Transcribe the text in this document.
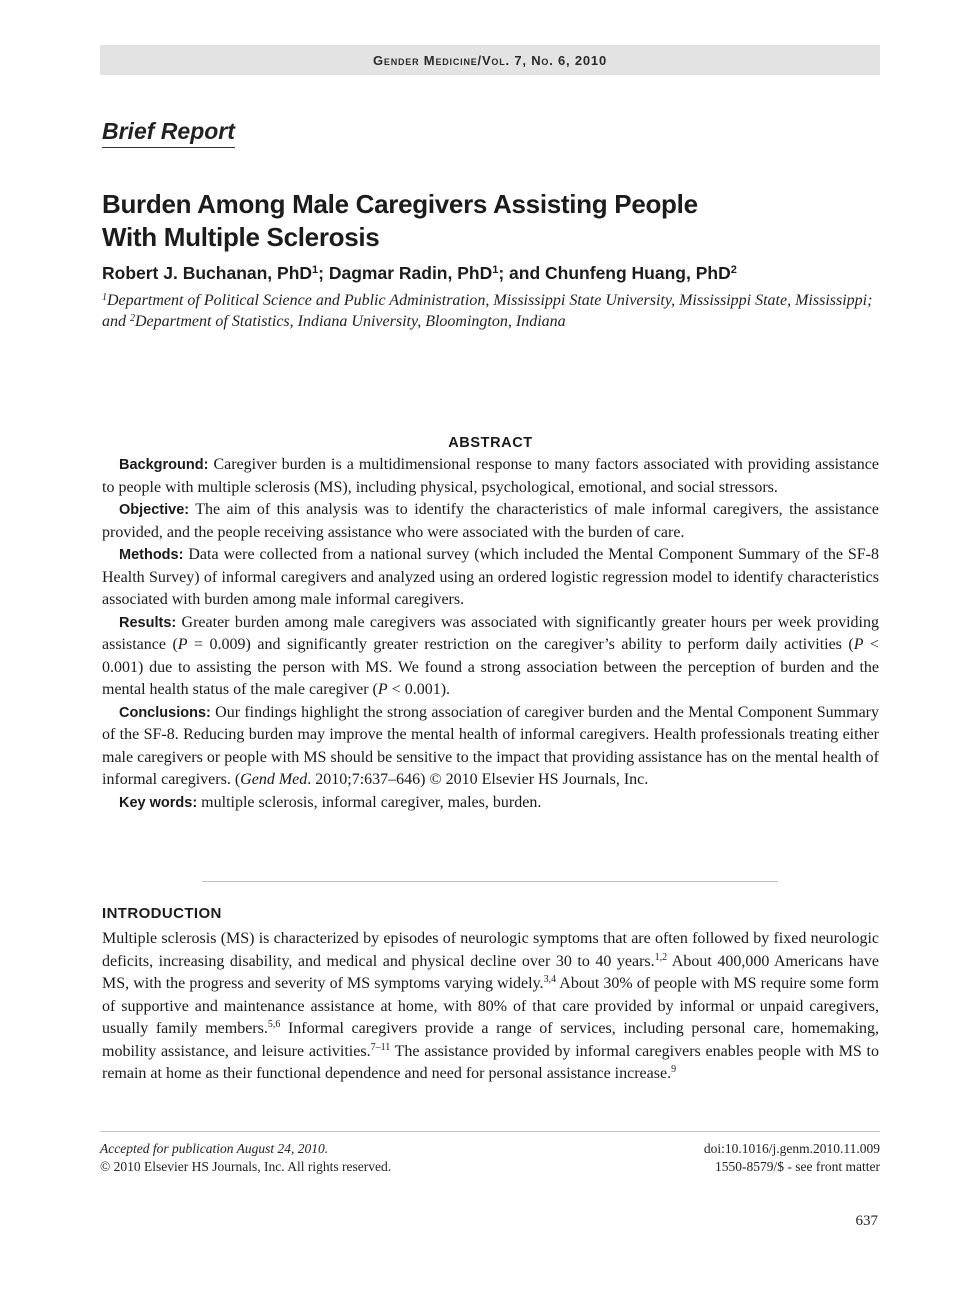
Gender Medicine/Vol. 7, No. 6, 2010
Brief Report
Burden Among Male Caregivers Assisting People
With Multiple Sclerosis
Robert J. Buchanan, PhD$^1$; Dagmar Radin, PhD$^1$; and Chunfeng Huang, PhD$^2$
$^1$Department of Political Science and Public Administration, Mississippi State University, Mississippi State, Mississippi; and $^2$Department of Statistics, Indiana University, Bloomington, Indiana
ABSTRACT

Background: Caregiver burden is a multidimensional response to many factors associated with providing assistance to people with multiple sclerosis (MS), including physical, psychological, emotional, and social stressors.

Objective: The aim of this analysis was to identify the characteristics of male informal caregivers, the assistance provided, and the people receiving assistance who were associated with the burden of care.

Methods: Data were collected from a national survey (which included the Mental Component Summary of the SF-8 Health Survey) of informal caregivers and analyzed using an ordered logistic regression model to identify characteristics associated with burden among male informal caregivers.

Results: Greater burden among male caregivers was associated with significantly greater hours per week providing assistance (P = 0.009) and significantly greater restriction on the caregiver’s ability to perform daily activities (P < 0.001) due to assisting the person with MS. We found a strong association between the perception of burden and the mental health status of the male caregiver (P < 0.001).

Conclusions: Our findings highlight the strong association of caregiver burden and the Mental Component Summary of the SF-8. Reducing burden may improve the mental health of informal caregivers. Health professionals treating either male caregivers or people with MS should be sensitive to the impact that providing assistance has on the mental health of informal caregivers. (Gend Med. 2010;7:637–646) © 2010 Elsevier HS Journals, Inc.

Key words: multiple sclerosis, informal caregiver, males, burden.

INTRODUCTION

Multiple sclerosis (MS) is characterized by episodes of neurologic symptoms that are often followed by fixed neurologic deficits, increasing disability, and medical and physical decline over 30 to 40 years.$^{1,2}$ About 400,000 Americans have MS, with the progress and severity of MS symptoms varying widely.$^{3,4}$ About 30% of people with MS require some form of supportive and maintenance assistance at home, with 80% of that care provided by informal or unpaid caregivers, usually family members.$^{5,6}$ Informal caregivers provide a range of services, including personal care, homemaking, mobility assistance, and leisure activities.$^{7-11}$ The assistance provided by informal caregivers enables people with MS to remain at home as their functional dependence and need for personal assistance increase.$^9$

Accepted for publication August 24, 2010.
© 2010 Elsevier HS Journals, Inc. All rights reserved.
doi:10.1016/j.genm.2010.11.009
1550-8579/$ - see front matter
637
